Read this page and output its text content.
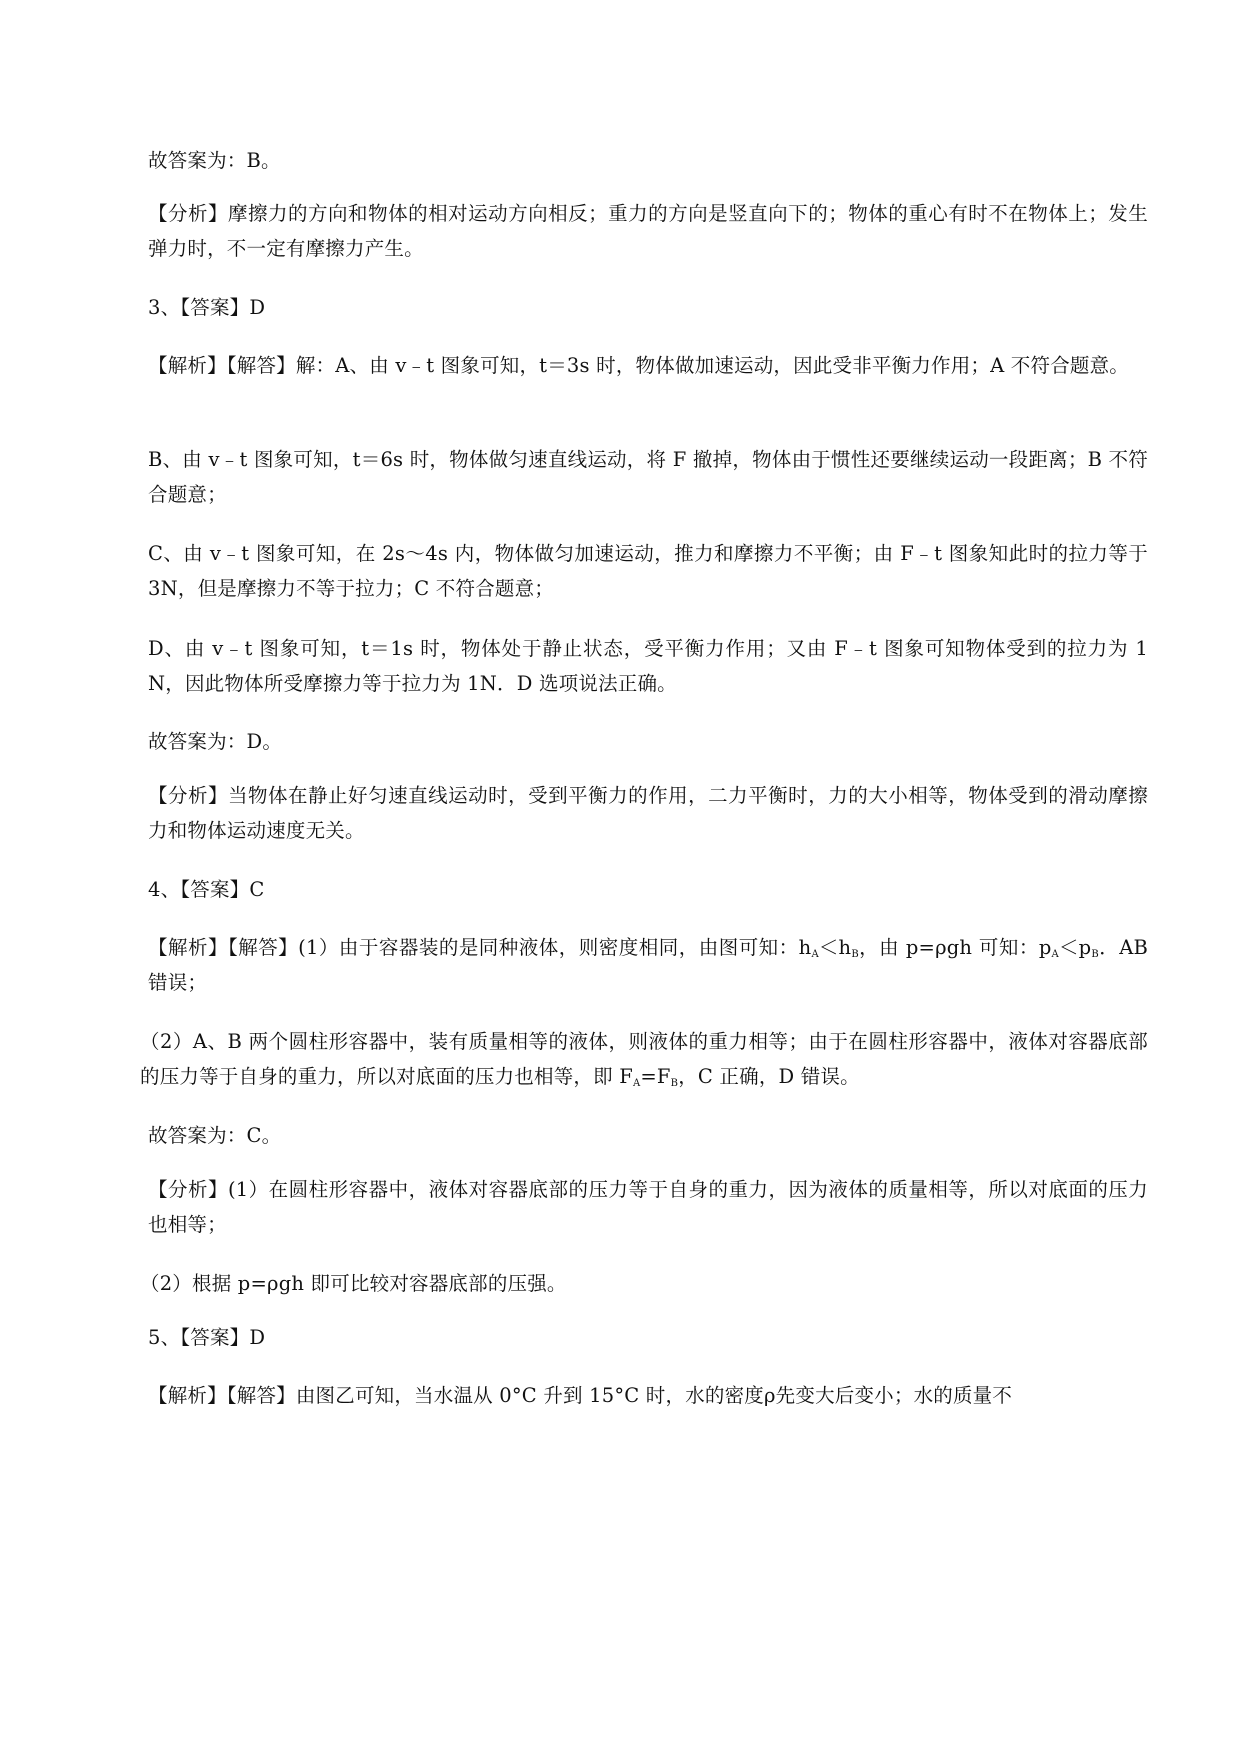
故答案为：B。

【分析】摩擦力的方向和物体的相对运动方向相反；重力的方向是竖直向下的；物体的重心有时不在物体上；发生弹力时，不一定有摩擦力产生。

3、【答案】D

【解析】【解答】解：A、由 v﹣t 图象可知，t＝3s 时，物体做加速运动，因此受非平衡力作用；A 不符合题意。

B、由 v﹣t 图象可知，t＝6s 时，物体做匀速直线运动，将 F 撤掉，物体由于惯性还要继续运动一段距离；B 不符合题意；

C、由 v﹣t 图象可知，在 2s～4s 内，物体做匀加速运动，推力和摩擦力不平衡；由 F﹣t 图象知此时的拉力等于 3N，但是摩擦力不等于拉力；C 不符合题意；

D、由 v﹣t 图象可知，t＝1s 时，物体处于静止状态，受平衡力作用；又由 F﹣t 图象可知物体受到的拉力为 1N，因此物体所受摩擦力等于拉力为 1N．D 选项说法正确。

故答案为：D。

【分析】当物体在静止好匀速直线运动时，受到平衡力的作用，二力平衡时，力的大小相等，物体受到的滑动摩擦力和物体运动速度无关。

4、【答案】C

【解析】【解答】(1）由于容器装的是同种液体，则密度相同，由图可知：$h_A<h_B$，由 p=ρgh 可知：$p_A<p_B$．AB 错误；

（2）A、B 两个圆柱形容器中，装有质量相等的液体，则液体的重力相等；由于在圆柱形容器中，液体对容器底部的压力等于自身的重力，所以对底面的压力也相等，即 $F_A=F_B$，C 正确，D 错误。

故答案为：C。

【分析】(1）在圆柱形容器中，液体对容器底部的压力等于自身的重力，因为液体的质量相等，所以对底面的压力也相等；

（2）根据 p=ρgh 即可比较对容器底部的压强。

5、【答案】D

【解析】【解答】由图乙可知，当水温从 0°C 升到 15°C 时，水的密度ρ先变大后变小；水的质量不
